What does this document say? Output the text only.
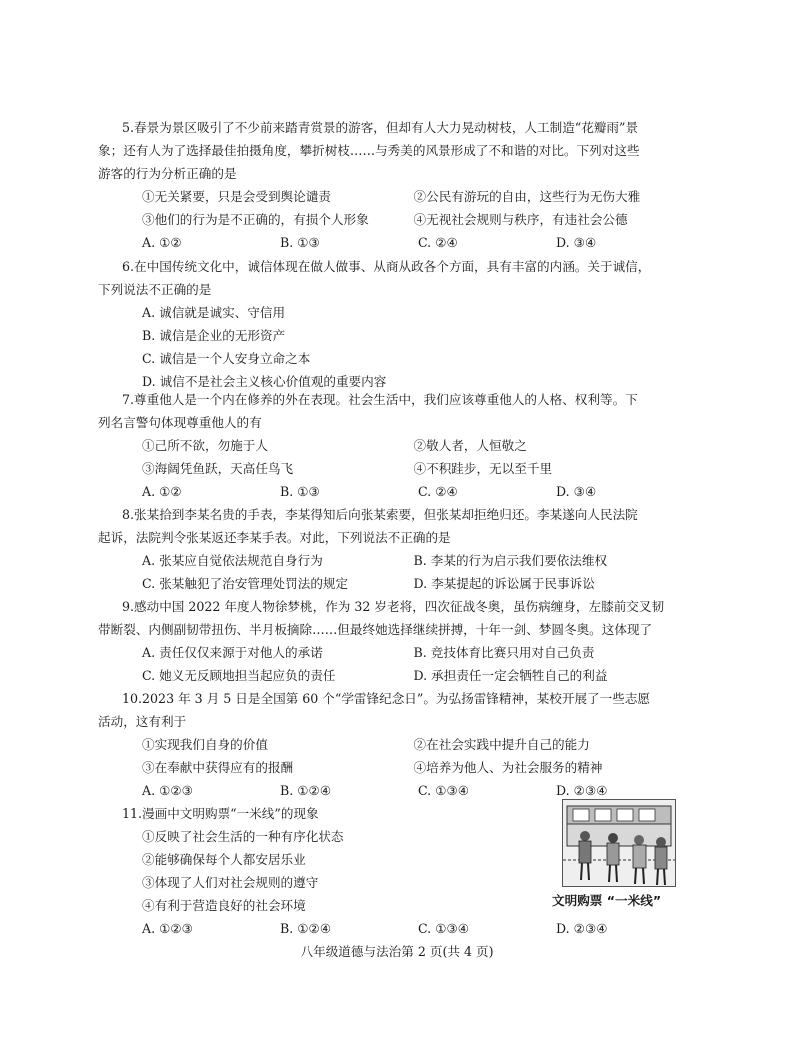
5.春景为景区吸引了不少前来踏青赏景的游客，但却有人大力晃动树枝，人工制造“花瓣雨”景
象；还有人为了选择最佳拍摄角度，攀折树枝……与秀美的风景形成了不和谐的对比。下列对这些
游客的行为分析正确的是
①无关紧要，只是会受到舆论谴责	②公民有游玩的自由，这些行为无伤大雅
③他们的行为是不正确的，有损个人形象	④无视社会规则与秩序，有违社会公德
A. ①②	B. ①③	C. ②④	D. ③④
6.在中国传统文化中，诚信体现在做人做事、从商从政各个方面，具有丰富的内涵。关于诚信，
下列说法不正确的是
A. 诚信就是诚实、守信用
B. 诚信是企业的无形资产
C. 诚信是一个人安身立命之本
D. 诚信不是社会主义核心价值观的重要内容
7.尊重他人是一个内在修养的外在表现。社会生活中，我们应该尊重他人的人格、权利等。下
列名言警句体现尊重他人的有
①己所不欲，勿施于人	②敬人者，人恒敬之
③海阔凭鱼跃，天高任鸟飞	④不积跬步，无以至千里
A. ①②	B. ①③	C. ②④	D. ③④
8.张某拾到李某名贵的手表，李某得知后向张某索要，但张某却拒绝归还。李某遂向人民法院
起诉，法院判令张某返还李某手表。对此，下列说法不正确的是
A. 张某应自觉依法规范自身行为	B. 李某的行为启示我们要依法维权
C. 张某触犯了治安管理处罚法的规定	D. 李某提起的诉讼属于民事诉讼
9.感动中国 2022 年度人物徐梦桃，作为 32 岁老将，四次征战冬奥，虽伤病缠身，左膝前交叉韧
带断裂、内侧副韧带扭伤、半月板摘除……但最终她选择继续拼搏，十年一剑、梦圆冬奥。这体现了
A. 责任仅仅来源于对他人的承诺	B. 竞技体育比赛只用对自己负责
C. 她义无反顾地担当起应负的责任	D. 承担责任一定会牺牲自己的利益
10.2023 年 3 月 5 日是全国第 60 个“学雷锋纪念日”。为弘扬雷锋精神，某校开展了一些志愿
活动，这有利于
①实现我们自身的价值	②在社会实践中提升自己的能力
③在奉献中获得应有的报酬	④培养为他人、为社会服务的精神
A. ①②③	B. ①②④	C. ①③④	D. ②③④
11.漫画中文明购票“一米线”的现象
①反映了社会生活的一种有序化状态
②能够确保每个人都安居乐业
③体现了人们对社会规则的遵守
④有利于营造良好的社会环境
A. ①②③	B. ①②④	C. ①③④	D. ②③④
文明购票 “一米线”
八年级道德与法治第 2 页(共 4 页)
